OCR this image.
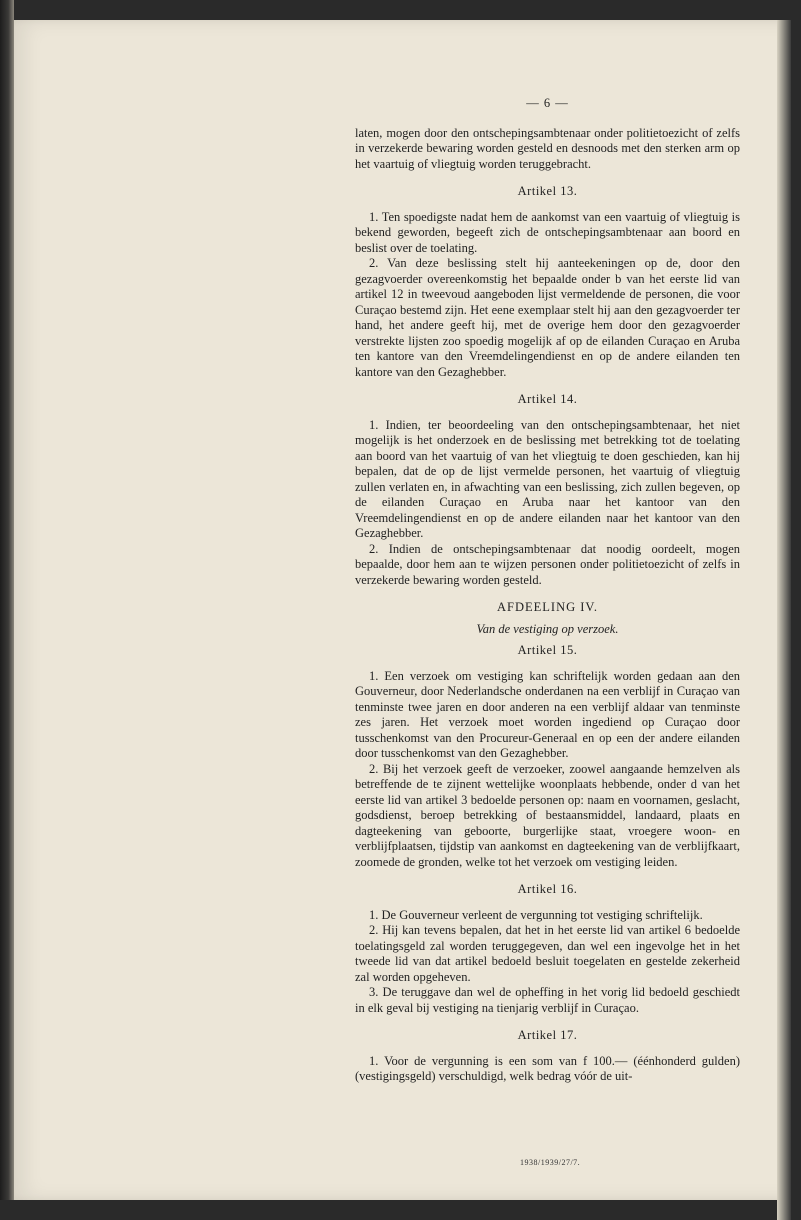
— 6 —

laten, mogen door den ontschepingsambtenaar onder politietoezicht of zelfs in verzekerde bewaring worden gesteld en desnoods met den sterken arm op het vaartuig of vliegtuig worden teruggebracht.

Artikel 13.

1. Ten spoedigste nadat hem de aankomst van een vaartuig of vliegtuig is bekend geworden, begeeft zich de ontschepingsambtenaar aan boord en beslist over de toelating.

2. Van deze beslissing stelt hij aanteekeningen op de, door den gezagvoerder overeenkomstig het bepaalde onder b van het eerste lid van artikel 12 in tweevoud aangeboden lijst vermeldende de personen, die voor Curaçao bestemd zijn. Het eene exemplaar stelt hij aan den gezagvoerder ter hand, het andere geeft hij, met de overige hem door den gezagvoerder verstrekte lijsten zoo spoedig mogelijk af op de eilanden Curaçao en Aruba ten kantore van den Vreemdelingendienst en op de andere eilanden ten kantore van den Gezaghebber.

Artikel 14.

1. Indien, ter beoordeeling van den ontschepingsambtenaar, het niet mogelijk is het onderzoek en de beslissing met betrekking tot de toelating aan boord van het vaartuig of van het vliegtuig te doen geschieden, kan hij bepalen, dat de op de lijst vermelde personen, het vaartuig of vliegtuig zullen verlaten en, in afwachting van een beslissing, zich zullen begeven, op de eilanden Curaçao en Aruba naar het kantoor van den Vreemdelingendienst en op de andere eilanden naar het kantoor van den Gezaghebber.

2. Indien de ontschepingsambtenaar dat noodig oordeelt, mogen bepaalde, door hem aan te wijzen personen onder politietoezicht of zelfs in verzekerde bewaring worden gesteld.

AFDEELING IV.
Van de vestiging op verzoek.
Artikel 15.

1. Een verzoek om vestiging kan schriftelijk worden gedaan aan den Gouverneur, door Nederlandsche onderdanen na een verblijf in Curaçao van tenminste twee jaren en door anderen na een verblijf aldaar van tenminste zes jaren. Het verzoek moet worden ingediend op Curaçao door tusschenkomst van den Procureur-Generaal en op een der andere eilanden door tusschenkomst van den Gezaghebber.

2. Bij het verzoek geeft de verzoeker, zoowel aangaande hemzelven als betreffende de te zijnent wettelijke woonplaats hebbende, onder d van het eerste lid van artikel 3 bedoelde personen op: naam en voornamen, geslacht, godsdienst, beroep betrekking of bestaansmiddel, landaard, plaats en dagteekening van geboorte, burgerlijke staat, vroegere woon- en verblijfplaatsen, tijdstip van aankomst en dagteekening van de verblijfkaart, zoomede de gronden, welke tot het verzoek om vestiging leiden.

Artikel 16.

1. De Gouverneur verleent de vergunning tot vestiging schriftelijk.

2. Hij kan tevens bepalen, dat het in het eerste lid van artikel 6 bedoelde toelatingsgeld zal worden teruggegeven, dan wel een ingevolge het in het tweede lid van dat artikel bedoeld besluit toegelaten en gestelde zekerheid zal worden opgeheven.

3. De teruggave dan wel de opheffing in het vorig lid bedoeld geschiedt in elk geval bij vestiging na tienjarig verblijf in Curaçao.

Artikel 17.

1. Voor de vergunning is een som van f 100.— (éénhonderd gulden) (vestigingsgeld) verschuldigd, welk bedrag vóór de uit-

1938/1939/27/7.
